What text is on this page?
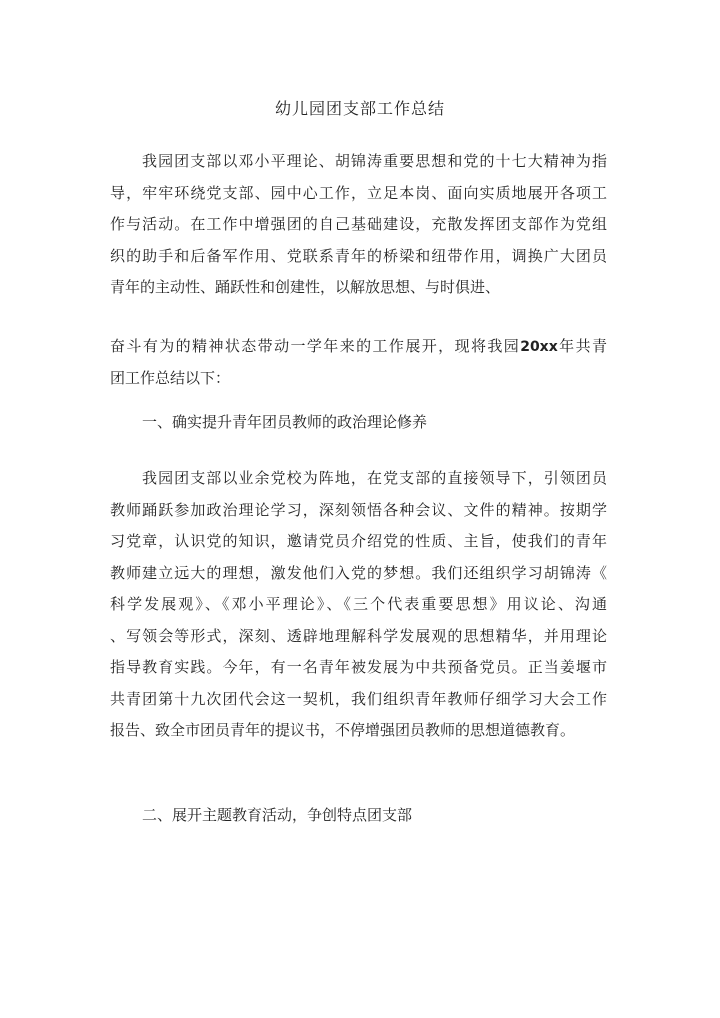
幼儿园团支部工作总结
我园团支部以邓小平理论、胡锦涛重要思想和党的十七大精神为指
导，牢牢环绕党支部、园中心工作，立足本岗、面向实质地展开各项工
作与活动。在工作中增强团的自己基础建设，充散发挥团支部作为党组
织的助手和后备军作用、党联系青年的桥梁和纽带作用，调换广大团员
青年的主动性、踊跃性和创建性，以解放思想、与时俱进、
奋斗有为的精神状态带动一学年来的工作展开，现将我园20xx年共青
团工作总结以下：
一、确实提升青年团员教师的政治理论修养
我园团支部以业余党校为阵地，在党支部的直接领导下，引领团员
教师踊跃参加政治理论学习，深刻领悟各种会议、文件的精神。按期学
习党章，认识党的知识，邀请党员介绍党的性质、主旨，使我们的青年
教师建立远大的理想，激发他们入党的梦想。我们还组织学习胡锦涛《
科学发展观》、《邓小平理论》、《三个代表重要思想》用议论、沟通
、写领会等形式，深刻、透辟地理解科学发展观的思想精华，并用理论
指导教育实践。今年，有一名青年被发展为中共预备党员。正当姜堰市
共青团第十九次团代会这一契机，我们组织青年教师仔细学习大会工作
报告、致全市团员青年的提议书，不停增强团员教师的思想道德教育。
二、展开主题教育活动，争创特点团支部
